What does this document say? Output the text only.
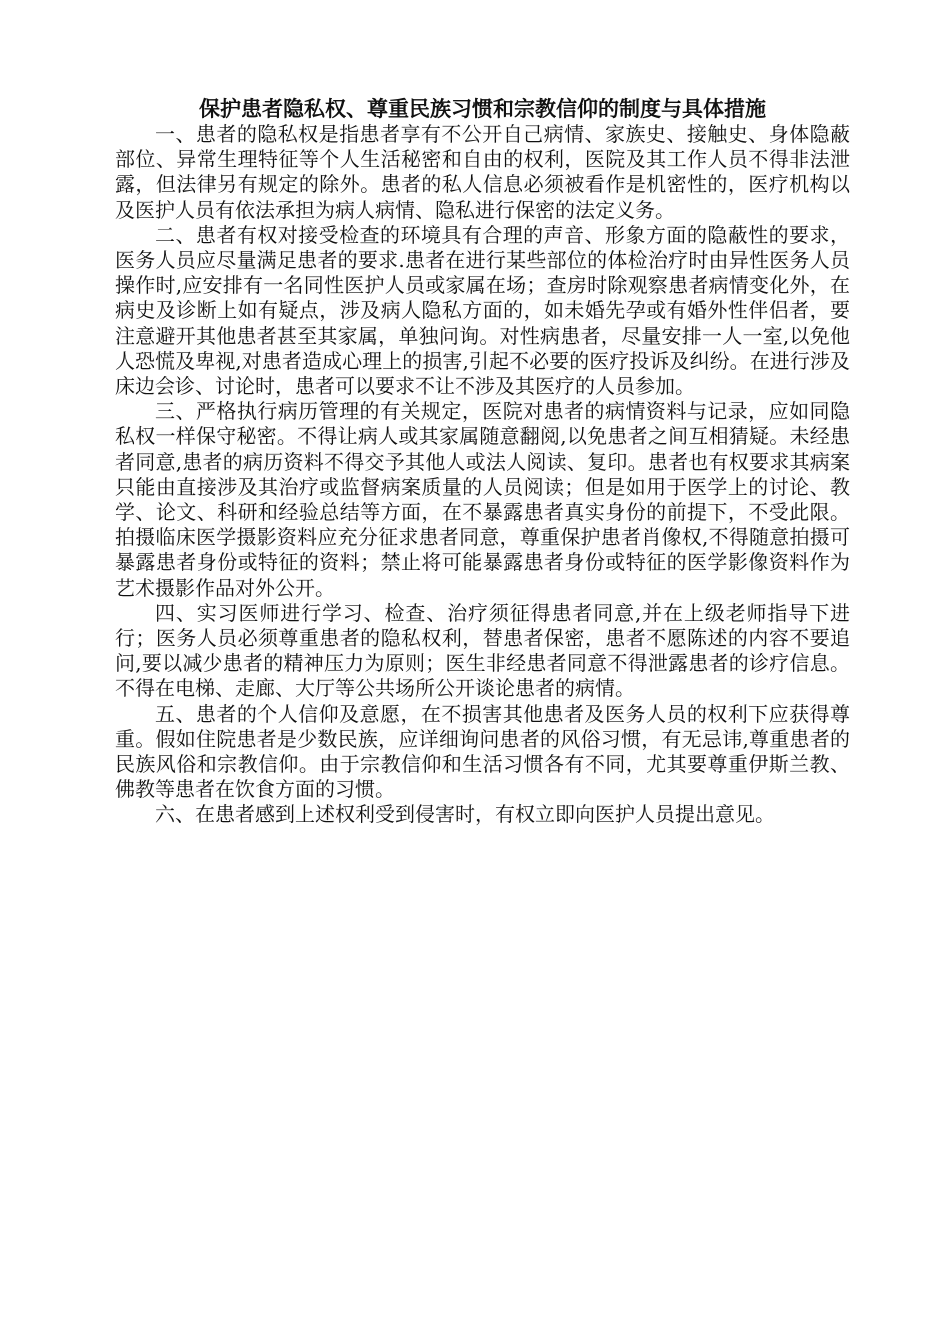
保护患者隐私权、尊重民族习惯和宗教信仰的制度与具体措施

一、患者的隐私权是指患者享有不公开自己病情、家族史、接触史、身体隐蔽部位、异常生理特征等个人生活秘密和自由的权利，医院及其工作人员不得非法泄露，但法律另有规定的除外。患者的私人信息必须被看作是机密性的，医疗机构以及医护人员有依法承担为病人病情、隐私进行保密的法定义务。

二、患者有权对接受检查的环境具有合理的声音、形象方面的隐蔽性的要求，医务人员应尽量满足患者的要求.患者在进行某些部位的体检治疗时由异性医务人员操作时,应安排有一名同性医护人员或家属在场；查房时除观察患者病情变化外，在病史及诊断上如有疑点，涉及病人隐私方面的，如未婚先孕或有婚外性伴侣者，要注意避开其他患者甚至其家属，单独问询。对性病患者，尽量安排一人一室,以免他人恐慌及卑视,对患者造成心理上的损害,引起不必要的医疗投诉及纠纷。在进行涉及床边会诊、讨论时，患者可以要求不让不涉及其医疗的人员参加。

三、严格执行病历管理的有关规定，医院对患者的病情资料与记录，应如同隐私权一样保守秘密。不得让病人或其家属随意翻阅,以免患者之间互相猜疑。未经患者同意,患者的病历资料不得交予其他人或法人阅读、复印。患者也有权要求其病案只能由直接涉及其治疗或监督病案质量的人员阅读；但是如用于医学上的讨论、教学、论文、科研和经验总结等方面，在不暴露患者真实身份的前提下，不受此限。拍摄临床医学摄影资料应充分征求患者同意，尊重保护患者肖像权,不得随意拍摄可暴露患者身份或特征的资料；禁止将可能暴露患者身份或特征的医学影像资料作为艺术摄影作品对外公开。

四、实习医师进行学习、检查、治疗须征得患者同意,并在上级老师指导下进行；医务人员必须尊重患者的隐私权利，替患者保密，患者不愿陈述的内容不要追问,要以减少患者的精神压力为原则；医生非经患者同意不得泄露患者的诊疗信息。不得在电梯、走廊、大厅等公共场所公开谈论患者的病情。

五、患者的个人信仰及意愿，在不损害其他患者及医务人员的权利下应获得尊重。假如住院患者是少数民族，应详细询问患者的风俗习惯，有无忌讳,尊重患者的民族风俗和宗教信仰。由于宗教信仰和生活习惯各有不同，尤其要尊重伊斯兰教、佛教等患者在饮食方面的习惯。

六、在患者感到上述权利受到侵害时，有权立即向医护人员提出意见。
